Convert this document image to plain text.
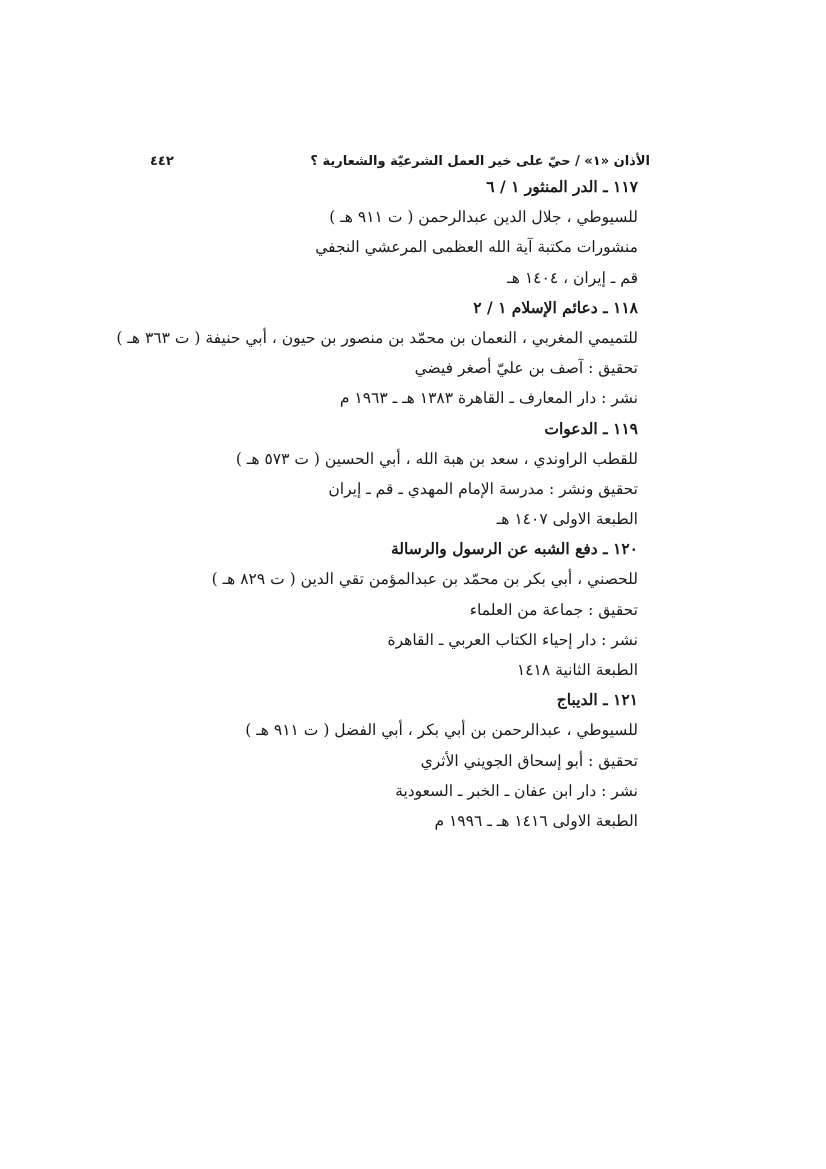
الأذان «١» / حيّ على خير العمل الشرعيّة والشعارية ؟
٤٤٢
١١٧ ـ الدر المنثور ١ / ٦
للسيوطي ، جلال الدين عبدالرحمن ( ت ٩١١ هـ )
منشورات مكتبة آية الله العظمى المرعشي النجفي
قم ـ إيران ، ١٤٠٤ هـ
١١٨ ـ دعائم الإسلام ١ / ٢
للتميمي المغربي ، النعمان بن محمّد بن منصور بن حيون ، أبي حنيفة ( ت ٣٦٣ هـ )
تحقيق : آصف بن عليّ أصغر فيضي
نشر : دار المعارف ـ القاهرة ١٣٨٣ هـ ـ ١٩٦٣ م
١١٩ ـ الدعوات
للقطب الراوندي ، سعد بن هبة الله ، أبي الحسين ( ت ٥٧٣ هـ )
تحقيق ونشر : مدرسة الإمام المهدي ـ قم ـ إيران
الطبعة الاولى ١٤٠٧ هـ
١٢٠ ـ دفع الشبه عن الرسول والرسالة
للحصني ، أبي بكر بن محمّد بن عبدالمؤمن تقي الدين ( ت ٨٢٩ هـ )
تحقيق : جماعة من العلماء
نشر : دار إحياء الكتاب العربي ـ القاهرة
الطبعة الثانية ١٤١٨
١٢١ ـ الديباج
للسيوطي ، عبدالرحمن بن أبي بكر ، أبي الفضل ( ت ٩١١ هـ )
تحقيق : أبو إسحاق الجويني الأثري
نشر : دار ابن عفان ـ الخبر ـ السعودية
الطبعة الاولى ١٤١٦ هـ ـ ١٩٩٦ م
